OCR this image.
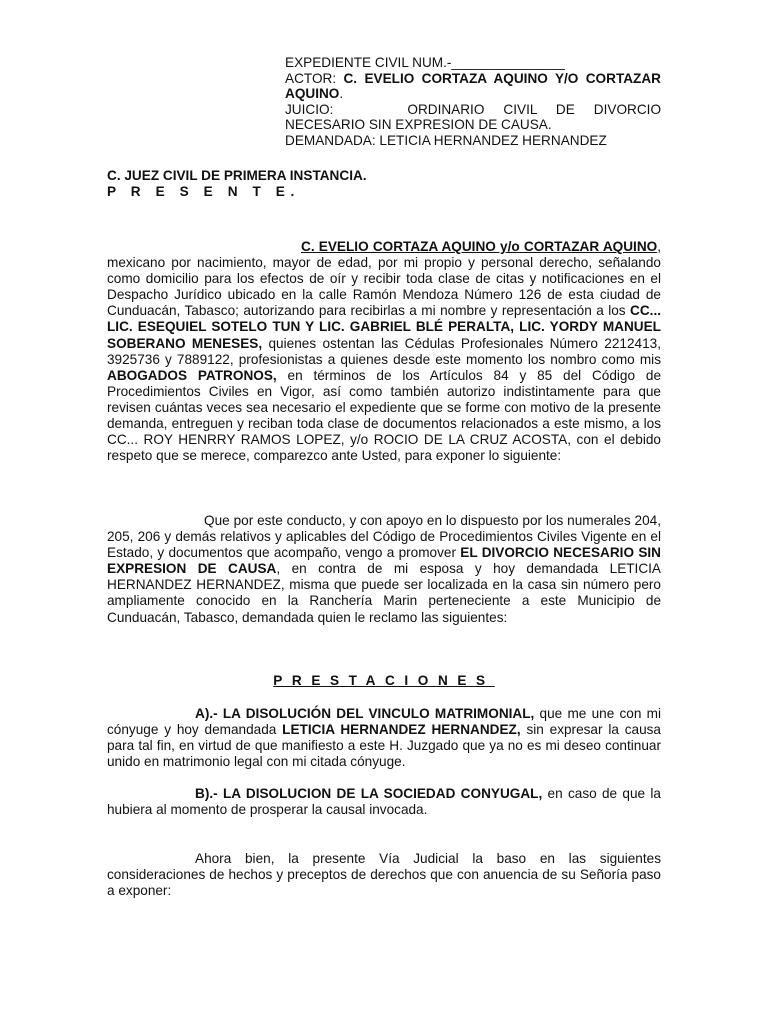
EXPEDIENTE CIVIL NUM.-_______________
ACTOR: C. EVELIO CORTAZA AQUINO Y/O CORTAZAR AQUINO.
JUICIO:	ORDINARIO CIVIL DE DIVORCIO NECESARIO SIN EXPRESION DE CAUSA.
DEMANDADA: LETICIA HERNANDEZ HERNANDEZ
C. JUEZ CIVIL DE PRIMERA INSTANCIA.
P R E S E N T E.
C. EVELIO CORTAZA AQUINO y/o CORTAZAR AQUINO, mexicano por nacimiento, mayor de edad, por mi propio y personal derecho, señalando como domicilio para los efectos de oír y recibir toda clase de citas y notificaciones en el Despacho Jurídico ubicado en la calle Ramón Mendoza Número 126 de esta ciudad de Cunduacán, Tabasco; autorizando para recibirlas a mi nombre y representación a los CC... LIC. ESEQUIEL SOTELO TUN Y LIC. GABRIEL BLÉ PERALTA, LIC. YORDY MANUEL SOBERANO MENESES, quienes ostentan las Cédulas Profesionales Número 2212413, 3925736 y 7889122, profesionistas a quienes desde este momento los nombro como mis ABOGADOS PATRONOS, en términos de los Artículos 84 y 85 del Código de Procedimientos Civiles en Vigor, así como también autorizo indistintamente para que revisen cuántas veces sea necesario el expediente que se forme con motivo de la presente demanda, entreguen y reciban toda clase de documentos relacionados a este mismo, a los CC... ROY HENRRY RAMOS LOPEZ, y/o ROCIO DE LA CRUZ ACOSTA, con el debido respeto que se merece, comparezco ante Usted, para exponer lo siguiente:
Que por este conducto, y con apoyo en lo dispuesto por los numerales 204, 205, 206 y demás relativos y aplicables del Código de Procedimientos Civiles Vigente en el Estado, y documentos que acompaño, vengo a promover EL DIVORCIO NECESARIO SIN EXPRESION DE CAUSA, en contra de mi esposa y hoy demandada LETICIA HERNANDEZ HERNANDEZ, misma que puede ser localizada en la casa sin número pero ampliamente conocido en la Ranchería Marin perteneciente a este Municipio de Cunduacán, Tabasco, demandada quien le reclamo las siguientes:
PRESTACIONES
A).- LA DISOLUCIÓN DEL VINCULO MATRIMONIAL, que me une con mi cónyuge y hoy demandada LETICIA HERNANDEZ HERNANDEZ, sin expresar la causa para tal fin, en virtud de que manifiesto a este H. Juzgado que ya no es mi deseo continuar unido en matrimonio legal con mi citada cónyuge.
B).- LA DISOLUCION DE LA SOCIEDAD CONYUGAL, en caso de que la hubiera al momento de prosperar la causal invocada.
Ahora bien, la presente Vía Judicial la baso en las siguientes consideraciones de hechos y preceptos de derechos que con anuencia de su Señoría paso a exponer:
